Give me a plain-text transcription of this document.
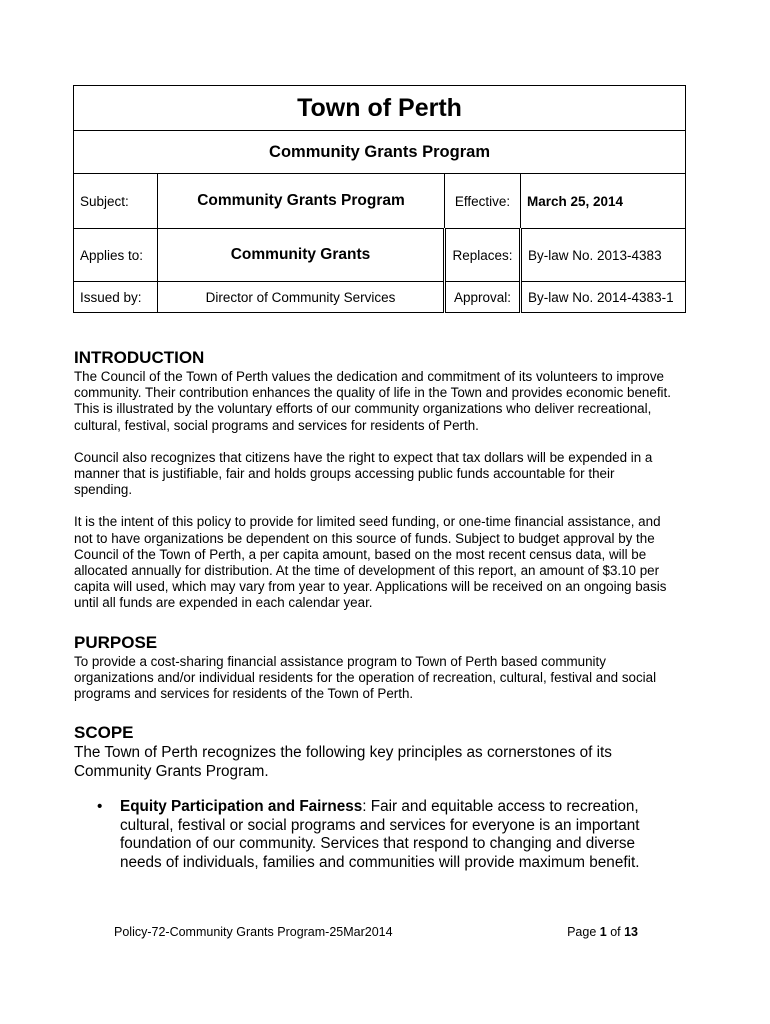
Town of Perth			
Community Grants Program			
Subject:	Community Grants Program	Effective:	March 25, 2014
Applies to:	Community Grants	Replaces:	By-law No. 2013-4383
Issued by:	Director of Community Services	Approval:	By-law No. 2014-4383-1
INTRODUCTION

The Council of the Town of Perth values the dedication and commitment of its volunteers to improve community. Their contribution enhances the quality of life in the Town and provides economic benefit. This is illustrated by the voluntary efforts of our community organizations who deliver recreational, cultural, festival, social programs and services for residents of Perth.

Council also recognizes that citizens have the right to expect that tax dollars will be expended in a manner that is justifiable, fair and holds groups accessing public funds accountable for their spending.

It is the intent of this policy to provide for limited seed funding, or one-time financial assistance, and not to have organizations be dependent on this source of funds. Subject to budget approval by the Council of the Town of Perth, a per capita amount, based on the most recent census data, will be allocated annually for distribution. At the time of development of this report, an amount of $3.10 per capita will used, which may vary from year to year. Applications will be received on an ongoing basis until all funds are expended in each calendar year.

PURPOSE

To provide a cost-sharing financial assistance program to Town of Perth based community organizations and/or individual residents for the operation of recreation, cultural, festival and social programs and services for residents of the Town of Perth.

SCOPE

The Town of Perth recognizes the following key principles as cornerstones of its Community Grants Program.

• Equity Participation and Fairness: Fair and equitable access to recreation, cultural, festival or social programs and services for everyone is an important foundation of our community. Services that respond to changing and diverse needs of individuals, families and communities will provide maximum benefit.
Policy-72-Community Grants Program-25Mar2014	Page 1 of 13
